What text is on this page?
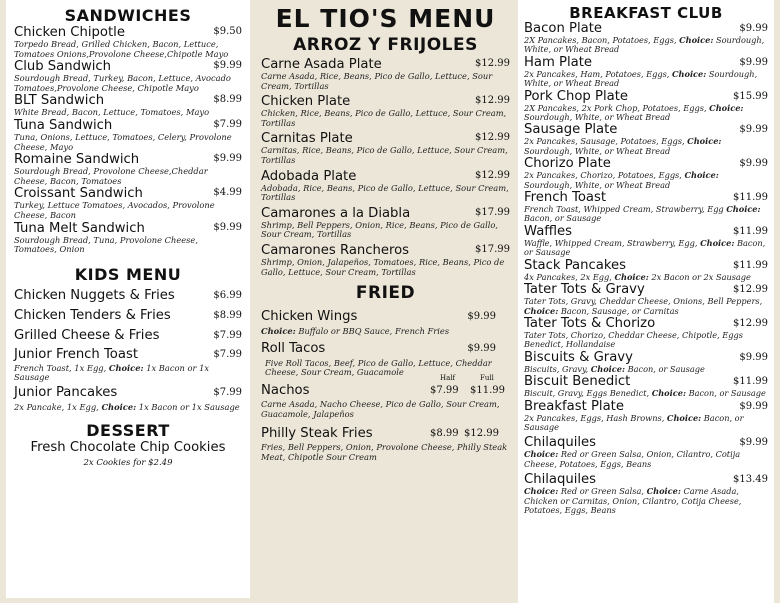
SANDWICHES
Chicken Chipotle	$9.50
Torpedo Bread, Grilled Chicken, Bacon, Lettuce, Tomatoes Onions,Provolone Cheese,Chipotle Mayo
Club Sandwich	$9.99
Sourdough Bread, Turkey, Bacon, Lettuce, Avocado Tomatoes,Provolone Cheese, Chipotle Mayo
BLT Sandwich	$8.99
White Bread, Bacon, Lettuce, Tomatoes, Mayo
Tuna Sandwich	$7.99
Tuna, Onions, Lettuce, Tomatoes, Celery, Provolone Cheese, Mayo
Romaine Sandwich	$9.99
Sourdough Bread, Provolone Cheese,Cheddar Cheese, Bacon, Tomatoes
Croissant Sandwich	$4.99
Turkey, Lettuce Tomatoes, Avocados, Provolone Cheese, Bacon
Tuna Melt Sandwich	$9.99
Sourdough Bread, Tuna, Provolone Cheese, Tomatoes, Onion
KIDS MENU
Chicken Nuggets & Fries	$6.99
Chicken Tenders & Fries	$8.99
Grilled Cheese & Fries	$7.99
Junior French Toast	$7.99
French Toast, 1x Egg, Choice: 1x Bacon or 1x Sausage
Junior Pancakes	$7.99
2x Pancake, 1x Egg, Choice: 1x Bacon or 1x Sausage
DESSERT
Fresh Chocolate Chip Cookies
2x Cookies for $2.49
EL TIO'S MENU
ARROZ Y FRIJOLES
Carne Asada Plate	$12.99
Carne Asada, Rice, Beans, Pico de Gallo, Lettuce, Sour Cream, Tortillas
Chicken Plate	$12.99
Chicken, Rice, Beans, Pico de Gallo, Lettuce, Sour Cream, Tortillas
Carnitas Plate	$12.99
Carnitas, Rice, Beans, Pico de Gallo, Lettuce, Sour Cream, Tortillas
Adobada Plate	$12.99
Adobada, Rice, Beans, Pico de Gallo, Lettuce, Sour Cream, Tortillas
Camarones a la Diabla	$17.99
Shrimp, Bell Peppers, Onion, Rice, Beans, Pico de Gallo, Sour Cream, Tortillas
Camarones Rancheros	$17.99
Shrimp, Onion, Jalapeños, Tomatoes, Rice, Beans, Pico de Gallo, Lettuce, Sour Cream, Tortillas
FRIED
Chicken Wings	$9.99
Choice: Buffalo or BBQ Sauce, French Fries
Roll Tacos	$9.99
Five Roll Tacos, Beef, Pico de Gallo, Lettuce, Cheddar Cheese, Sour Cream, Guacamole
Half	Full
Nachos	$7.99 $11.99
Carne Asada, Nacho Cheese, Pico de Gallo, Sour Cream, Guacamole, Jalapeños
Philly Steak Fries	$8.99 $12.99
Fries, Bell Peppers, Onion, Provolone Cheese, Philly Steak Meat, Chipotle Sour Cream
BREAKFAST CLUB
Bacon Plate	$9.99
2X Pancakes, Bacon, Potatoes, Eggs, Choice: Sourdough, White, or Wheat Bread
Ham Plate	$9.99
2x Pancakes, Ham, Potatoes, Eggs, Choice: Sourdough, White, or Wheat Bread
Pork Chop Plate	$15.99
2X Pancakes, 2x Pork Chop, Potatoes, Eggs, Choice: Sourdough, White, or Wheat Bread
Sausage Plate	$9.99
2x Pancakes, Sausage, Potatoes, Eggs, Choice: Sourdough, White, or Wheat Bread
Chorizo Plate	$9.99
2x Pancakes, Chorizo, Potatoes, Eggs, Choice: Sourdough, White, or Wheat Bread
French Toast	$11.99
French Toast, Whipped Cream, Strawberry, Egg Choice: Bacon, or Sausage
Waffles	$11.99
Waffle, Whipped Cream, Strawberry, Egg, Choice: Bacon, or Sausage
Stack Pancakes	$11.99
4x Pancakes, 2x Egg, Choice: 2x Bacon or 2x Sausage
Tater Tots & Gravy	$12.99
Tater Tots, Gravy, Cheddar Cheese, Onions, Bell Peppers, Choice: Bacon, Sausage, or Carnitas
Tater Tots & Chorizo	$12.99
Tater Tots, Chorizo, Cheddar Cheese, Chipotle, Eggs Benedict, Hollandaise
Biscuits & Gravy	$9.99
Biscuits, Gravy, Choice: Bacon, or Sausage
Biscuit Benedict	$11.99
Biscuit, Gravy, Eggs Benedict, Choice: Bacon, or Sausage
Breakfast Plate	$9.99
2x Pancakes, Eggs, Hash Browns, Choice: Bacon, or Sausage
Chilaquiles	$9.99
Choice: Red or Green Salsa, Onion, Cilantro, Cotija Cheese, Potatoes, Eggs, Beans
Chilaquiles	$13.49
Choice: Red or Green Salsa, Choice: Carne Asada, Chicken or Carnitas, Onion, Cilantro, Cotija Cheese, Potatoes, Eggs, Beans
